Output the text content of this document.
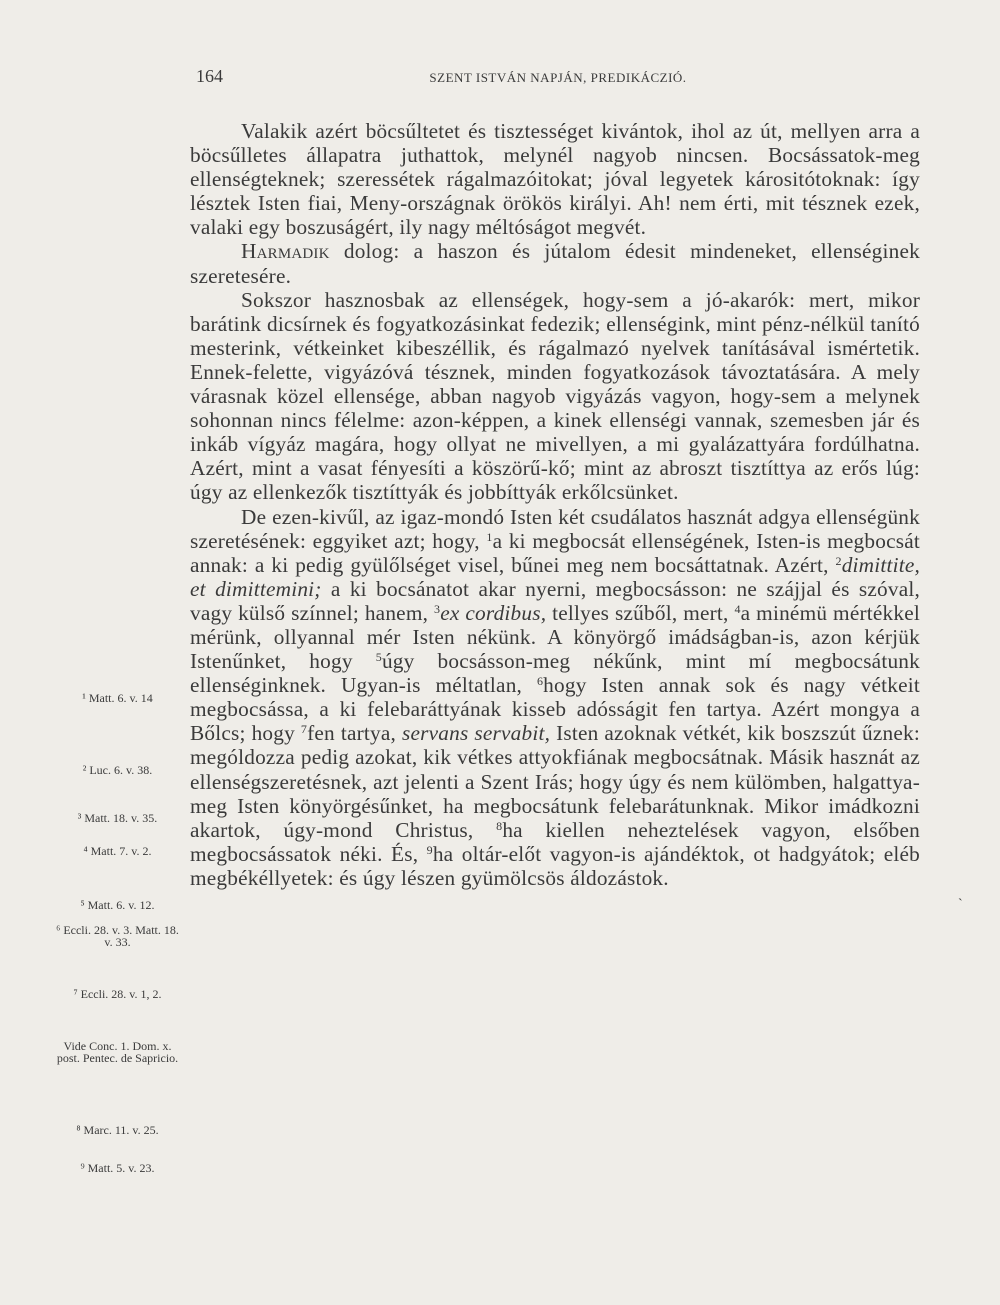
164	SZENT ISTVÁN NAPJÁN, PREDIKÁCZIÓ.

Valakik azért böcsűltetet és tisztességet kivántok, ihol az út, mellyen arra a böcsűlletes állapatra juthattok, melynél nagyob nincsen. Bocsássatok-meg ellenségteknek; szeressétek rágalmazóitokat; jóval legyetek kárositótoknak: így lésztek Isten fiai, Meny-országnak örökös királyi. Ah! nem érti, mit tésznek ezek, valaki egy boszuságért, ily nagy méltóságot megvét.

Harmadik dolog: a haszon és jútalom édesit mindeneket, ellenséginek szeretesére.

Sokszor hasznosbak az ellenségek, hogy-sem a jó-akarók: mert, mikor barátink dicsírnek és fogyatkozásinkat fedezik; ellenségink, mint pénz-nélkül tanító mesterink, vétkeinket kibeszéllik, és rágalmazó nyelvek tanításával ismértetik. Ennek-felette, vigyázóvá tésznek, minden fogyatkozások távoztatására. A mely várasnak közel ellensége, abban nagyob vigyázás vagyon, hogy-sem a melynek sohonnan nincs félelme: azon-képpen, a kinek ellenségi vannak, szemesben jár és inkáb vígyáz magára, hogy ollyat ne mivellyen, a mi gyalázattyára fordúlhatna. Azért, mint a vasat fényesíti a köszörű-kő; mint az abroszt tisztíttya az erős lúg: úgy az ellenkezők tisztíttyák és jobbíttyák erkőlcsünket.

De ezen-kivűl, az igaz-mondó Isten két csudálatos hasznát adgya ellenségünk szeretésének: eggyiket azt; hogy, $^1$a ki megbocsát ellenségének, Isten-is megbocsát annak: a ki pedig gyülőlséget visel, bűnei meg nem bocsáttatnak. Azért, $^2$dimittite, et dimittemini; a ki bocsánatot akar nyerni, megbocsásson: ne szájjal és szóval, vagy külső színnel; hanem, $^3$ex cordibus, tellyes szűből, mert, $^4$a minémü mértékkel mérünk, ollyannal mér Isten nékünk. A könyörgő imádságban-is, azon kérjük Istenűnket, hogy $^5$úgy bocsásson-meg nékűnk, mint mí megbocsátunk ellenséginknek. Ugyan-is méltatlan, $^6$hogy Isten annak sok és nagy vétkeit megbocsássa, a ki felebaráttyának kisseb adósságit fen tartya. Azért mongya a Bőlcs; hogy $^7$fen tartya, servans servabit, Isten azoknak vétkét, kik boszszút űznek: mególdozza pedig azokat, kik vétkes attyokfiának megbocsátnak. Másik hasznát az ellenségszeretésnek, azt jelenti a Szent Irás; hogy úgy és nem külömben, halgattya-meg Isten könyörgésűnket, ha megbocsátunk felebarátunknak. Mikor imádkozni akartok, úgy-mond Christus, $^8$ha kiellen neheztelések vagyon, elsőben megbocsássatok néki. És, $^9$ha oltár-előt vagyon-is ajándéktok, ot hadgyátok; eléb megbékéllyetek: és úgy lészen gyümölcsös áldozástok.

¹ Matt. 6. v. 14
² Luc. 6. v. 38.
³ Matt. 18. v. 35.
⁴ Matt. 7. v. 2.
⁵ Matt. 6. v. 12.
⁶ Eccli. 28. v. 3. Matt. 18. v. 33.
⁷ Eccli. 28. v. 1, 2.
Vide Conc. 1. Dom. x. post. Pentec. de Sapricio.
⁸ Marc. 11. v. 25.
⁹ Matt. 5. v. 23.
ˋ
